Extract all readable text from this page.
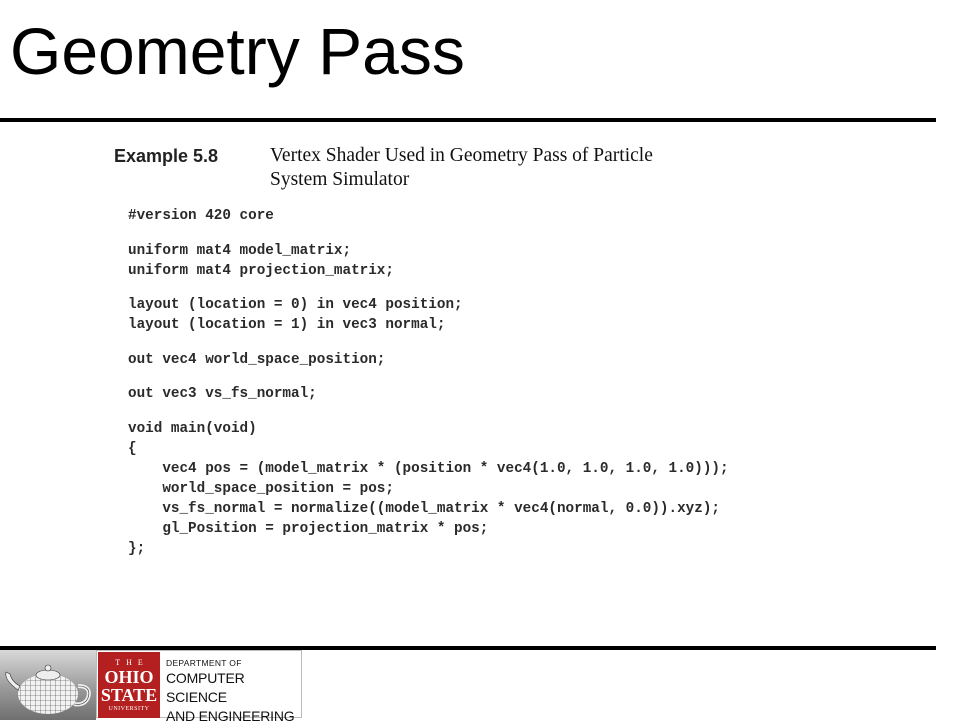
Geometry Pass
Example 5.8	Vertex Shader Used in Geometry Pass of Particle
System Simulator
#version 420 core
uniform mat4 model_matrix;
uniform mat4 projection_matrix;
layout (location = 0) in vec4 position;
layout (location = 1) in vec3 normal;
out vec4 world_space_position;
out vec3 vs_fs_normal;
void main(void)
{
vec4 pos = (model_matrix * (position * vec4(1.0, 1.0, 1.0, 1.0)));
world_space_position = pos;
vs_fs_normal = normalize((model_matrix * vec4(normal, 0.0)).xyz);
gl_Position = projection_matrix * pos;
};
THE
OHIO
STATE
UNIVERSITY
DEPARTMENT OF
COMPUTER SCIENCE
AND ENGINEERING
